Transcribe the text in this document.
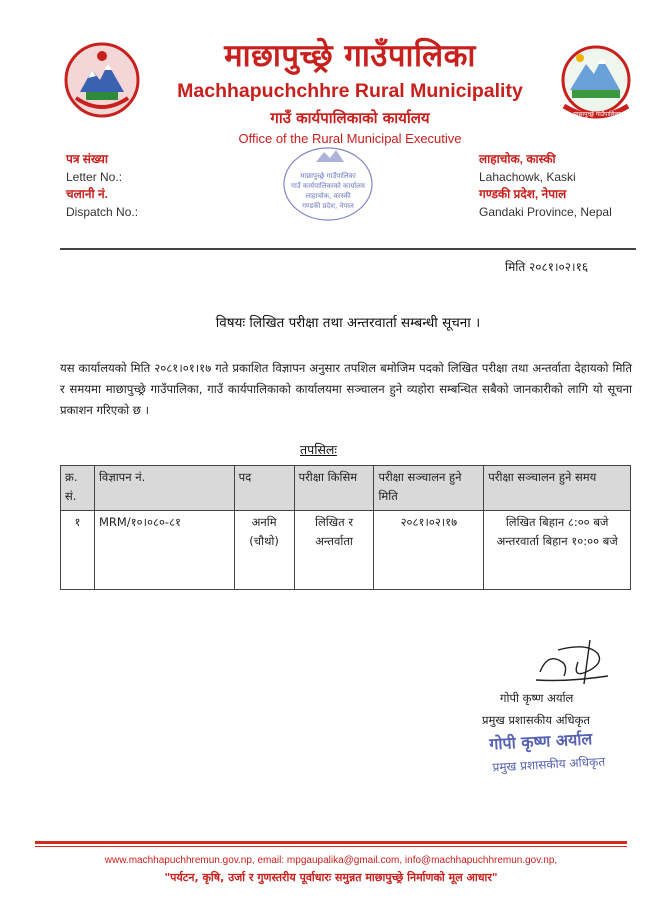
माछापुच्छ्रे गाउँपालिका
माछापुच्छ्रे गाउँपालिका
Machhapuchchhre Rural Municipality
गाउँ कार्यपालिकाको कार्यालय
Office of the Rural Municipal Executive
माछापुच्छ्रे गाउँपालिका
गाउँ कार्यपालिकाको कार्यालय
लाहाचोक, कास्की
गण्डकी प्रदेश, नेपाल
पत्र संख्या
Letter No.:
चलानी नं.
Dispatch No.:
लाहाचोक, कास्की
Lahachowk, Kaski
गण्डकी प्रदेश, नेपाल
Gandaki Province, Nepal
मिति २०८१।०२।१६
विषयः लिखित परीक्षा तथा अन्तरवार्ता सम्बन्धी सूचना ।
यस कार्यालयको मिति २०८१।०१।१७ गते प्रकाशित विज्ञापन अनुसार तपशिल बमोजिम पदको लिखित परीक्षा तथा अन्तर्वाता देहायको मिति र समयमा माछापुच्छ्रे गाउँपालिका, गाउँ कार्यपालिकाको कार्यालयमा सञ्चालन हुने व्यहोरा सम्बन्धित सबैको जानकारीको लागि यो सूचना प्रकाशन गरिएको छ ।
तपसिलः
क्र. सं.	विज्ञापन नं.	पद	परीक्षा किसिम	परीक्षा सञ्चालन हुने मिति	परीक्षा सञ्चालन हुने समय
१	MRM/१०।०८०-८१	अनमि (चौथो)	लिखित र अन्तर्वाता	२०८१।०२।१७	लिखित बिहान ८:०० बजे अन्तरवार्ता बिहान १०:०० बजे
गोपी कृष्ण अर्याल
प्रमुख प्रशासकीय अधिकृत
गोपी कृष्ण अर्याल
प्रमुख प्रशासकीय अधिकृत
www.machhapuchhremun.gov.np, email: mpgaupalika@gmail.com, info@machhapuchhremun.gov.np,
"पर्यटन, कृषि, उर्जा र गुणस्तरीय पूर्वाधारः समुन्नत माछापुच्छ्रे निर्माणको मूल आधार"
